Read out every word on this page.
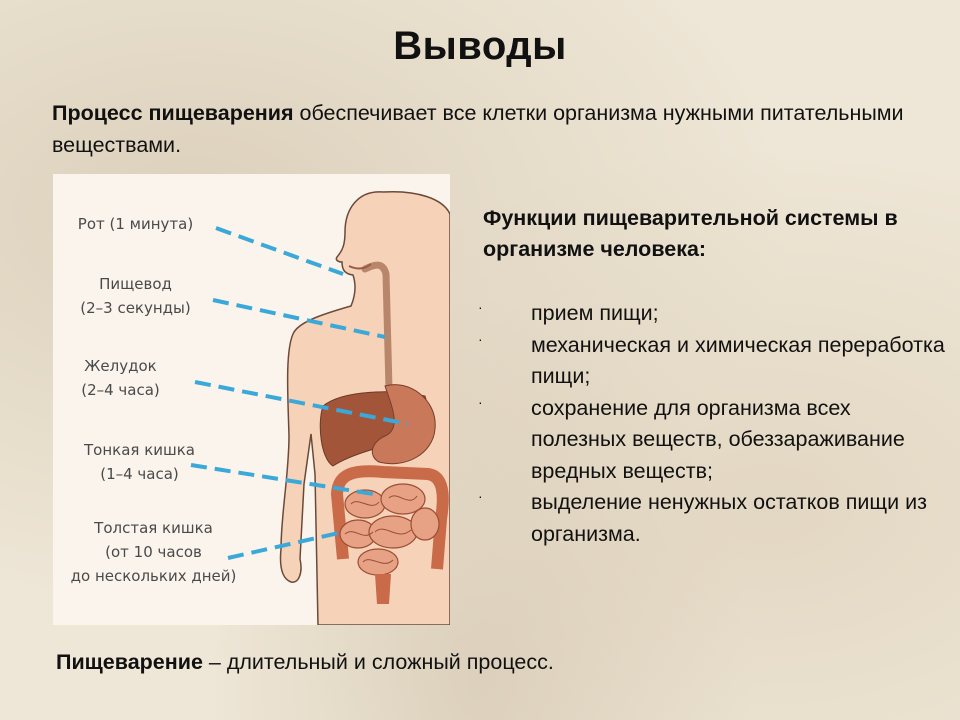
Выводы
Процесс пищеварения обеспечивает все клетки организма нужными питательными веществами.
Рот (1 минута)
Пищевод
(2–3 секунды)
Желудок
(2–4 часа)
Тонкая кишка
(1–4 часа)
Толстая кишка
(от 10 часов
до нескольких дней)
Функции пищеварительной системы в организме человека:
· прием пищи;
· механическая и химическая переработка пищи;
· сохранение для организма всех полезных веществ, обеззараживание вредных веществ;
· выделение ненужных остатков пищи из организма.
Пищеварение – длительный и сложный процесс.
